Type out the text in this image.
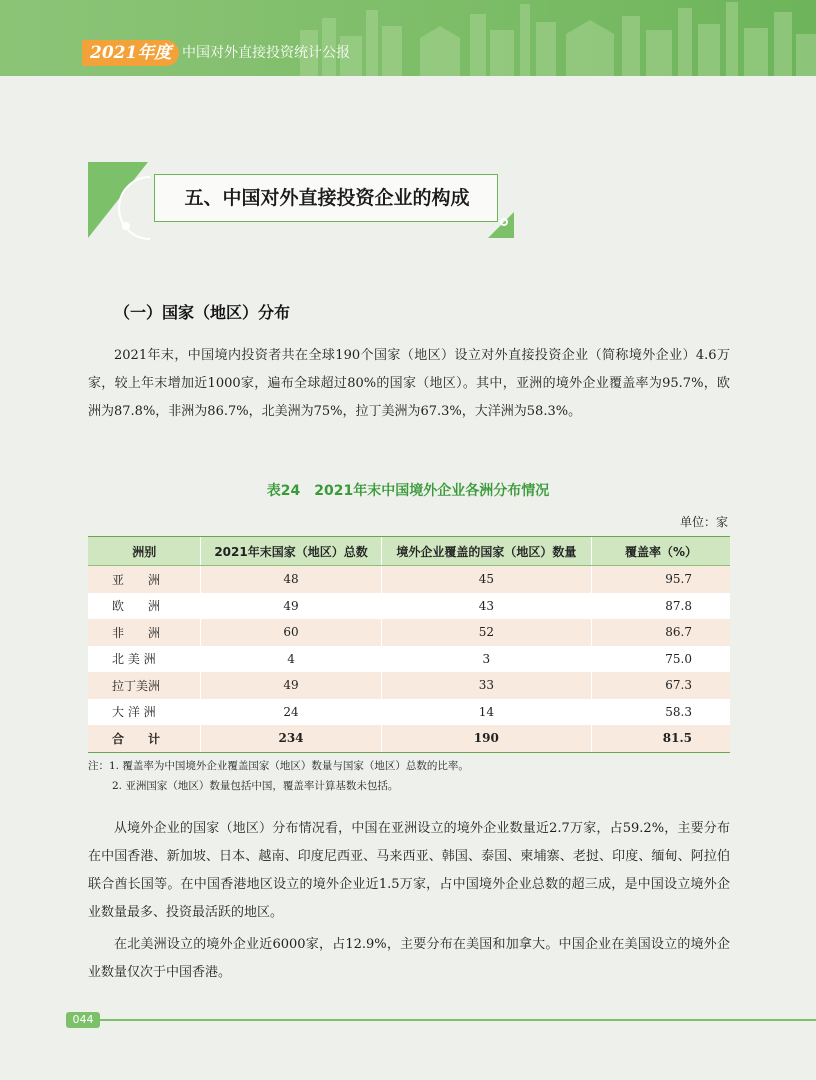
2021年度 中国对外直接投资统计公报
五、中国对外直接投资企业的构成
（一）国家（地区）分布
2021年末，中国境内投资者共在全球190个国家（地区）设立对外直接投资企业（简称境外企业）4.6万家，较上年末增加近1000家，遍布全球超过80%的国家（地区）。其中，亚洲的境外企业覆盖率为95.7%，欧洲为87.8%，非洲为86.7%，北美洲为75%，拉丁美洲为67.3%，大洋洲为58.3%。
表24　2021年末中国境外企业各洲分布情况
单位：家
洲别	2021年末国家（地区）总数	境外企业覆盖的国家（地区）数量	覆盖率（%）
亚　　洲	48	45	95.7
欧　　洲	49	43	87.8
非　　洲	60	52	86.7
北 美 洲	4	3	75.0
拉丁美洲	49	33	67.3
大 洋 洲	24	14	58.3
合　　计	234	190	81.5
注：1. 覆盖率为中国境外企业覆盖国家（地区）数量与国家（地区）总数的比率。
2. 亚洲国家（地区）数量包括中国，覆盖率计算基数未包括。
从境外企业的国家（地区）分布情况看，中国在亚洲设立的境外企业数量近2.7万家，占59.2%，主要分布在中国香港、新加坡、日本、越南、印度尼西亚、马来西亚、韩国、泰国、柬埔寨、老挝、印度、缅甸、阿拉伯联合酋长国等。在中国香港地区设立的境外企业近1.5万家，占中国境外企业总数的超三成，是中国设立境外企业数量最多、投资最活跃的地区。
在北美洲设立的境外企业近6000家，占12.9%，主要分布在美国和加拿大。中国企业在美国设立的境外企业数量仅次于中国香港。
044
